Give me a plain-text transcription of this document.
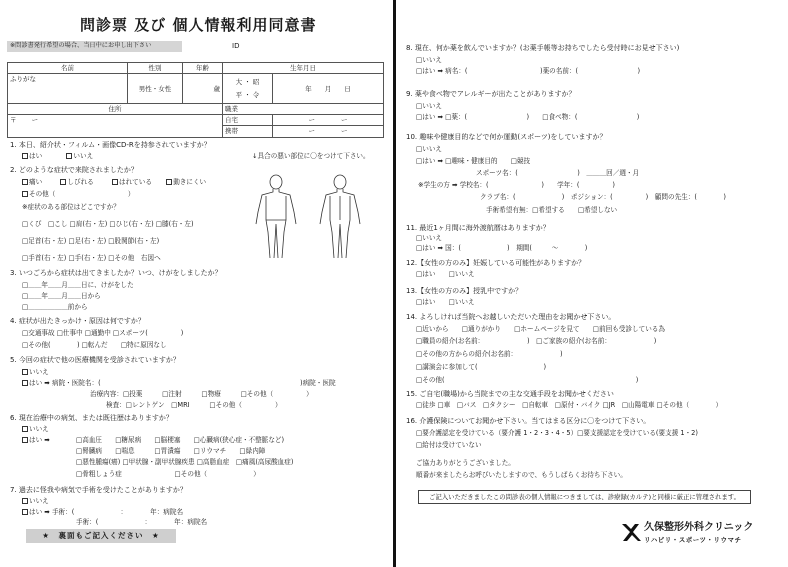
問診票 及び 個人情報利用同意書
※問診書発行希望の場合、当日中にお申し出下さい	ID
名前	性別	年齢	生年月日	
ふりがな	男性・女性	歳	大 ・ 昭
平 ・ 令	年　　月　　日
住所			職業	
〒　　 ー			自宅	ー　　　　ー
			携帯	ー　　　　ー
1. 本日、紹介状・フィルム・画像CD-Rを持参されていますか？
↓具合の悪い部位に〇をつけて下さい。
はい	いいえ
2. どのような症状で来院されましたか？
痛い	しびれる	はれている	動きにくい
その他（　　　　　　　　　　　）
※症状のある部位はどこですか？
□くび　□こし □肩(右・左) □ひじ(右・左) □膝(右・左)
□足首(右・左) □足(右・左) □股関節(右・左)
□手首(右・左) □手(右・左) □その他　右図へ
3. いつごろから症状は出てきましたか？いつ、けがをしましたか？
□＿＿年＿＿月＿＿日に、けがをした
□＿＿年＿＿月＿＿日から
□＿＿＿＿＿＿前から
4. 症状が出たきっかけ・原因は何ですか？
□交通事故 □仕事中 □通勤中 □スポーツ(　　　　　)
□その他(　　　　) □転んだ　　□特に原因なし
5. 今回の症状で他の医療機関を受診されていますか？
いいえ
はい ➡ 病院・医院名：(	)病院・医院
治療内容：□投薬　　　□注射　　　□物療　　　□その他（　　　　　）
検査：□レントゲン　□MRI　　　□その他（　　　　　）
6. 現在治療中の病気、または既往歴はありますか？
いいえ
はい ➡	□高血圧　　□糖尿病　　□脳梗塞　　□心臓病(狭心症・不整脈など)
□腎臓病　　□喘息　　　□胃潰瘍　　□リウマチ　　□緑内障
□悪性腫瘍(癌) □甲状腺・副甲状腺疾患 □高脂血症　□痛風(高尿酸血症)
□骨粗しょう症　　　　　　　　□その他（　　　　　　　）
7. 過去に怪我や病気で手術を受けたことがありますか？
いいえ
はい ➡ 手術：(　　　　　　　：　　　　年：病院名
手術：(　　　　　　　：　　　　年：病院名
★　裏面もご記入ください　★
8. 現在、何か薬を飲んでいますか？(お薬手帳等お持ちでしたら受付時にお見せ下さい)
□いいえ
□はい ➡ 病名：(　　　　　　　　　　　)薬の名前：(　　　　　　　　　)
9. 薬や食べ物でアレルギーが出たことがありますか？
□いいえ
□はい ➡ □薬：(　　　　　　　　　)　　□食べ物：(　　　　　　　　　)
10. 趣味や健康目的などで何か運動(スポーツ)をしていますか？
□いいえ
□はい ➡ □趣味・健康目的　　□競技
スポーツ名：(　　　　　　　　　)　＿＿＿回／週・月
※学生の方 ➡ 学校名：(　　　　　　　　)　　学年：(　　　　　)
クラブ名：(　　　　　　　)　ポジション：(　　　　　)　顧問の先生：(　　　　)
手術希望有無：□希望する　　□希望しない
11. 最近1ヶ月間に海外渡航暦はありますか？
□いいえ
□はい ➡ 国：(　　　　　　　)　期間(　　　〜　　　　)
12.【女性の方のみ】妊娠している可能性がありますか？
□はい　　□いいえ
13.【女性の方のみ】授乳中ですか？
□はい　　□いいえ
14. よろしければ当院へお越しいただいた理由をお聞かせ下さい。
□近いから　　□通りがかり　　□ホームページを見て　　□前回も受診している為
□職員の紹介(お名前：　　　　　　　)　□ご家族の紹介(お名前：　　　　　　　)
□その他の方からの紹介(お名前：　　　　　　　)
□講演会に参加して(　　　　　　　　　　)
□その他(　　　　　　　　　　　　　　　　　　　　　　　　　　　　　)
15. ご自宅(職場)から当院までの主な交通手段をお聞かせください
□徒歩 □車　□バス　□タクシー　□自転車　□原付・バイク □JR　□山陽電車 □その他（　　　　）
16. 介護保険についてお聞かせ下さい。当てはまる区分に〇をつけて下さい。
□要介護認定を受けている（要介護 1・2・3・4・5）□要支援認定を受けている(要支援 1・2)
□給付は受けていない
ご協力ありがとうございました。
順番が来ましたらお呼びいたしますので、もうしばらくお待ち下さい。
ご記入いただきましたこの問診表の個人情報につきましては、診療録(カルテ)と同様に厳正に管理されます。
久保整形外科クリニック
リハビリ・スポーツ・リウマチ
